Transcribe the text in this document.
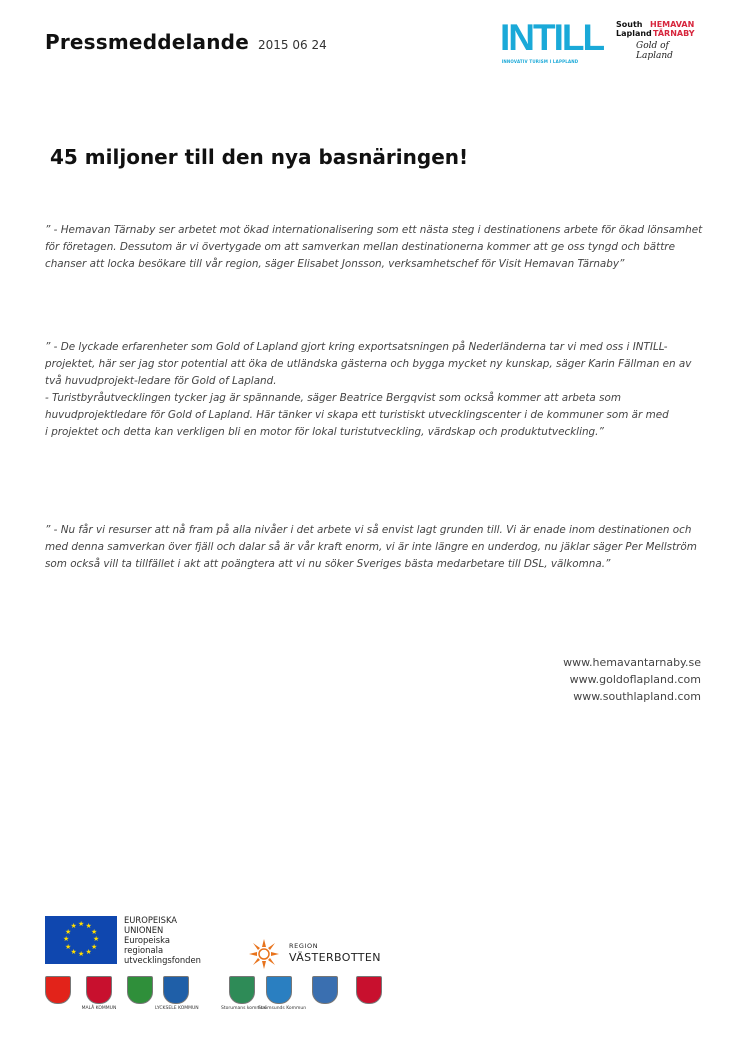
Pressmeddelande 2015 06 24	INTILL
INNOVATIV TURISM I LAPPLAND
South
Lapland
HEMAVAN
TÄRNABY
Gold of Lapland
45 miljoner till den nya basnäringen!

” - Hemavan Tärnaby ser arbetet mot ökad internationalisering som ett nästa steg i destinationens arbete för ökad lönsamhet för företagen. Dessutom är vi övertygade om att samverkan mellan destinationerna kommer att ge oss tyngd och bättre chanser att locka besökare till vår region, säger Elisabet Jonsson, verksamhetschef för Visit Hemavan Tärnaby”

” - De lyckade erfarenheter som Gold of Lapland gjort kring exportsatsningen på Nederländerna tar vi med oss i INTILL-projektet, här ser jag stor potential att öka de utländska gästerna och bygga mycket ny kunskap, säger Karin Fällman en av två huvudprojekt-ledare för Gold of Lapland.

- Turistbyråutvecklingen tycker jag är spännande, säger Beatrice Bergqvist som också kommer att arbeta som huvudprojektledare för Gold of Lapland. Här tänker vi skapa ett turistiskt utvecklingscenter i de kommuner som är med

i projektet och detta kan verkligen bli en motor för lokal turistutveckling, värdskap och produktutveckling.”

” - Nu får vi resurser att nå fram på alla nivåer i det arbete vi så envist lagt grunden till. Vi är enade inom destinationen och med denna samverkan över fjäll och dalar så är vår kraft enorm, vi är inte längre en underdog, nu jäklar säger Per Mellström som också vill ta tillfället i akt att poängtera att vi nu söker Sveriges bästa medarbetare till DSL, välkomna.”

www.hemavantarnaby.se
www.goldoflapland.com
www.southlapland.com
★
★
★
★
★
★
★
★
★ ★ ★
★
EUROPEISKA
UNIONEN
Europeiska
regionala
utvecklingsfonden
REGION
VÄSTERBOTTEN
MALÅ KOMMUN	LYCKSELE KOMMUN	Storumans kommun
Strömsunds Kommun
